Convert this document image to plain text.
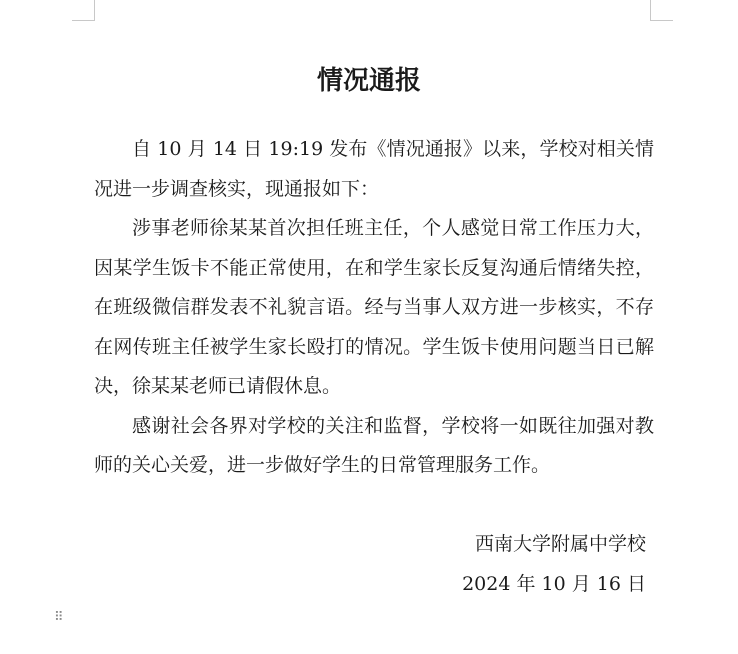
情况通报

自 10 月 14 日 19:19 发布《情况通报》以来，学校对相关情况进一步调查核实，现通报如下：

涉事老师徐某某首次担任班主任，个人感觉日常工作压力大，因某学生饭卡不能正常使用，在和学生家长反复沟通后情绪失控，在班级微信群发表不礼貌言语。经与当事人双方进一步核实，不存在网传班主任被学生家长殴打的情况。学生饭卡使用问题当日已解决，徐某某老师已请假休息。

感谢社会各界对学校的关注和监督，学校将一如既往加强对教师的关心关爱，进一步做好学生的日常管理服务工作。

西南大学附属中学校
2024 年 10 月 16 日
⠿
